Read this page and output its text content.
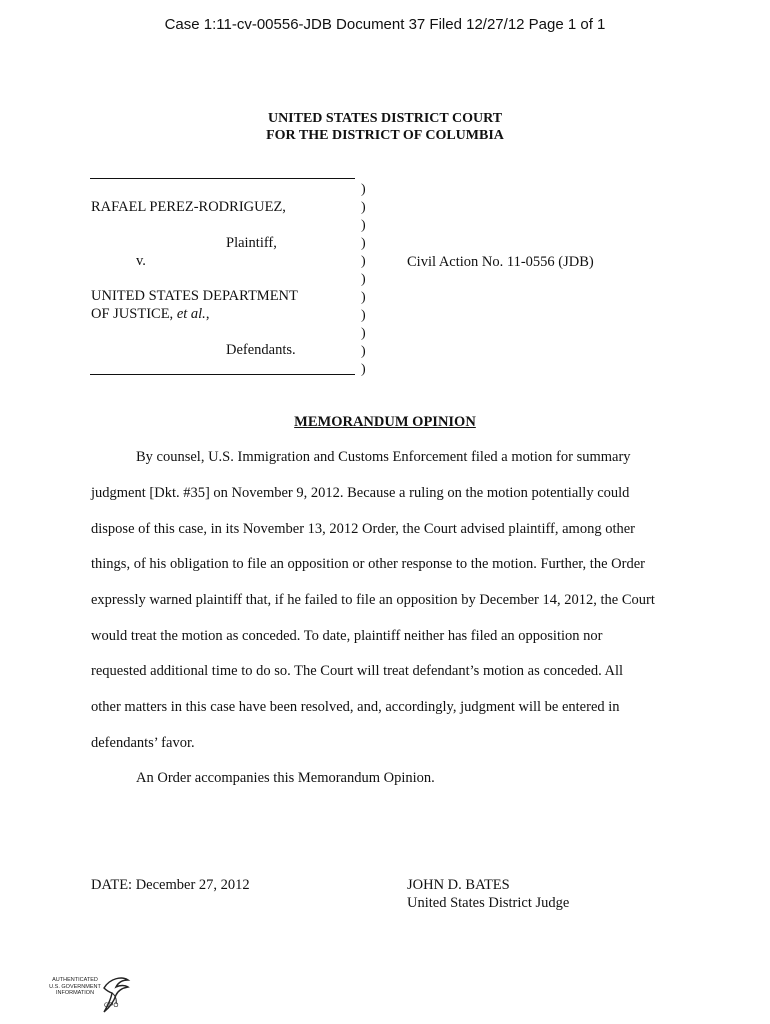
Case 1:11-cv-00556-JDB Document 37 Filed 12/27/12 Page 1 of 1
UNITED STATES DISTRICT COURT
FOR THE DISTRICT OF COLUMBIA
)
)
)
)
)
)
)
)
)
)
)
RAFAEL PEREZ-RODRIGUEZ,
Plaintiff,
v.
UNITED STATES DEPARTMENT
OF JUSTICE, et al.,
Defendants.
Civil Action No. 11-0556 (JDB)
MEMORANDUM OPINION
By counsel, U.S. Immigration and Customs Enforcement filed a motion for summary
judgment [Dkt. #35] on November 9, 2012. Because a ruling on the motion potentially could
dispose of this case, in its November 13, 2012 Order, the Court advised plaintiff, among other
things, of his obligation to file an opposition or other response to the motion. Further, the Order
expressly warned plaintiff that, if he failed to file an opposition by December 14, 2012, the Court
would treat the motion as conceded. To date, plaintiff neither has filed an opposition nor
requested additional time to do so. The Court will treat defendant’s motion as conceded. All
other matters in this case have been resolved, and, accordingly, judgment will be entered in
defendants’ favor.
An Order accompanies this Memorandum Opinion.
DATE: December 27, 2012	JOHN D. BATES
United States District Judge
AUTHENTICATED
U.S. GOVERNMENT
INFORMATION
GPO
